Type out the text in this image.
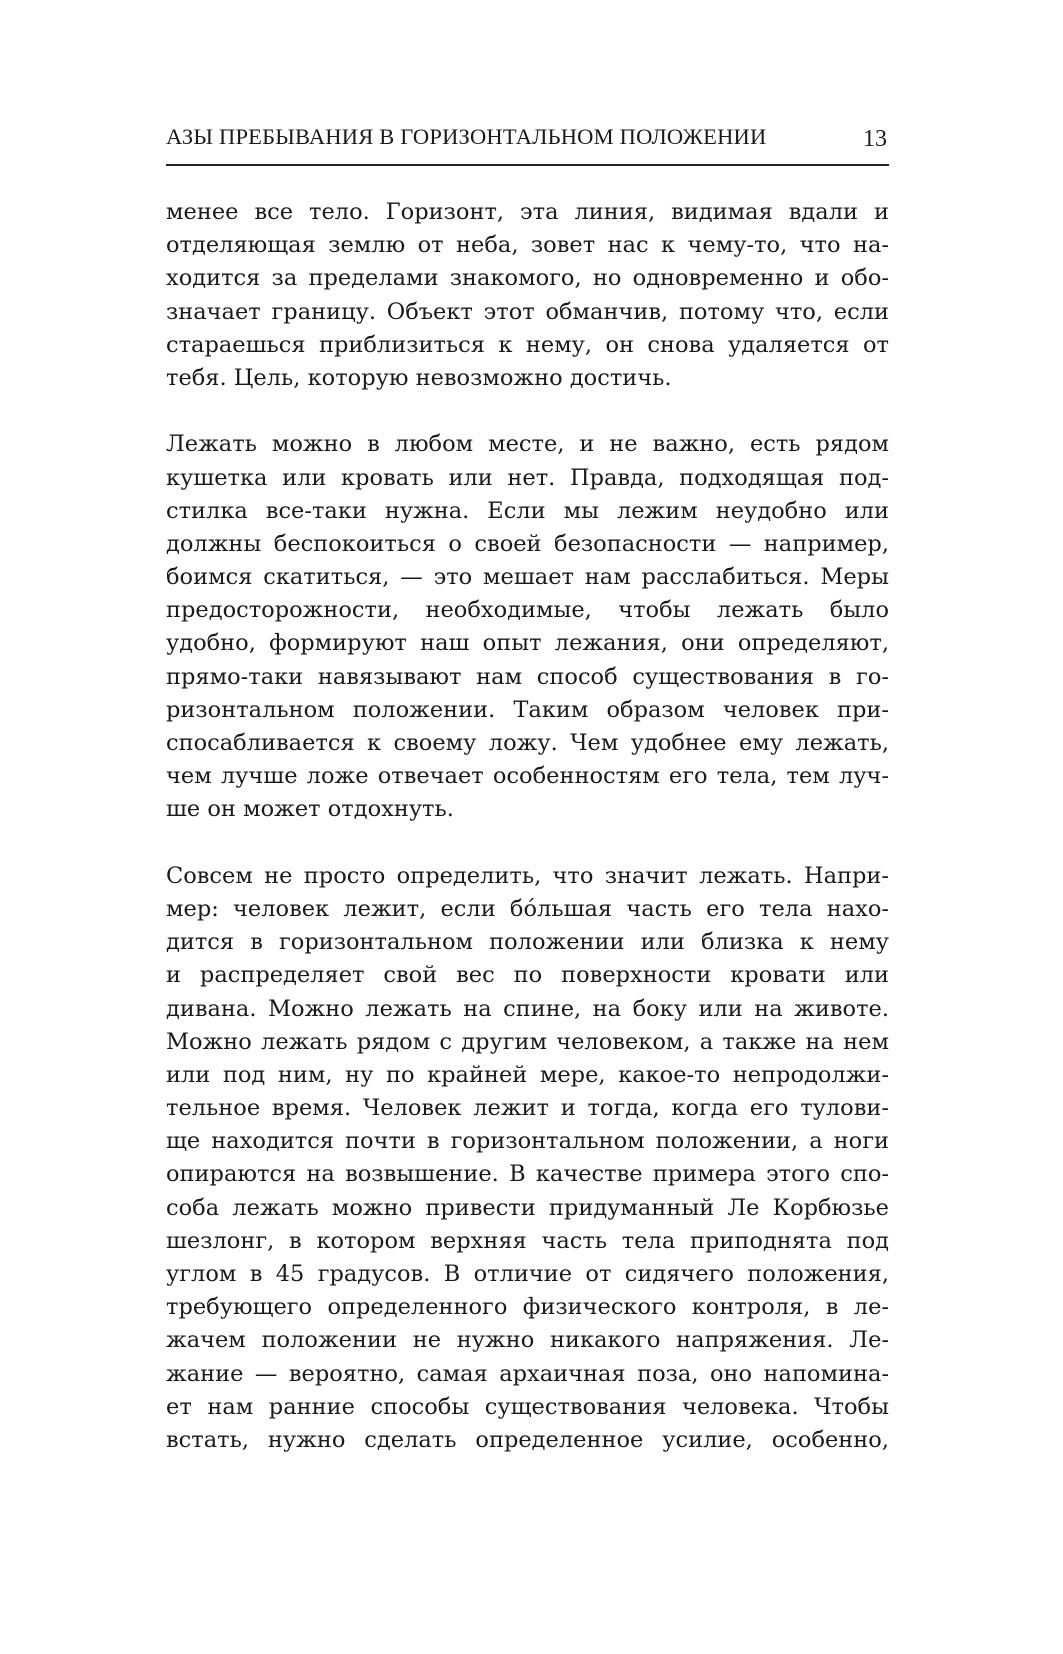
АЗЫ ПРЕБЫВАНИЯ В ГОРИЗОНТАЛЬНОМ ПОЛОЖЕНИИ	13

менее все тело. Горизонт, эта линия, видимая вдали и
отделяющая землю от неба, зовет нас к чему-то, что на-
ходится за пределами знакомого, но одновременно и обо-
значает границу. Объект этот обманчив, потому что, если
стараешься приблизиться к нему, он снова удаляется от
тебя. Цель, которую невозможно достичь.

Лежать можно в любом месте, и не важно, есть рядом
кушетка или кровать или нет. Правда, подходящая под-
стилка все-таки нужна. Если мы лежим неудобно или
должны беспокоиться о своей безопасности — например,
боимся скатиться, — это мешает нам расслабиться. Меры
предосторожности, необходимые, чтобы лежать было
удобно, формируют наш опыт лежания, они определяют,
прямо-таки навязывают нам способ существования в го-
ризонтальном положении. Таким образом человек при-
спосабливается к своему ложу. Чем удобнее ему лежать,
чем лучше ложе отвечает особенностям его тела, тем луч-
ше он может отдохнуть.

Совсем не просто определить, что значит лежать. Напри-
мер: человек лежит, если бóльшая часть его тела нахо-
дится в горизонтальном положении или близка к нему
и распределяет свой вес по поверхности кровати или
дивана. Можно лежать на спине, на боку или на животе.
Можно лежать рядом с другим человеком, а также на нем
или под ним, ну по крайней мере, какое-то непродолжи-
тельное время. Человек лежит и тогда, когда его тулови-
ще находится почти в горизонтальном положении, а ноги
опираются на возвышение. В качестве примера этого спо-
соба лежать можно привести придуманный Ле Корбюзье
шезлонг, в котором верхняя часть тела приподнята под
углом в 45 градусов. В отличие от сидячего положения,
требующего определенного физического контроля, в ле-
жачем положении не нужно никакого напряжения. Ле-
жание — вероятно, самая архаичная поза, оно напомина-
ет нам ранние способы существования человека. Чтобы
встать, нужно сделать определенное усилие, особенно,
